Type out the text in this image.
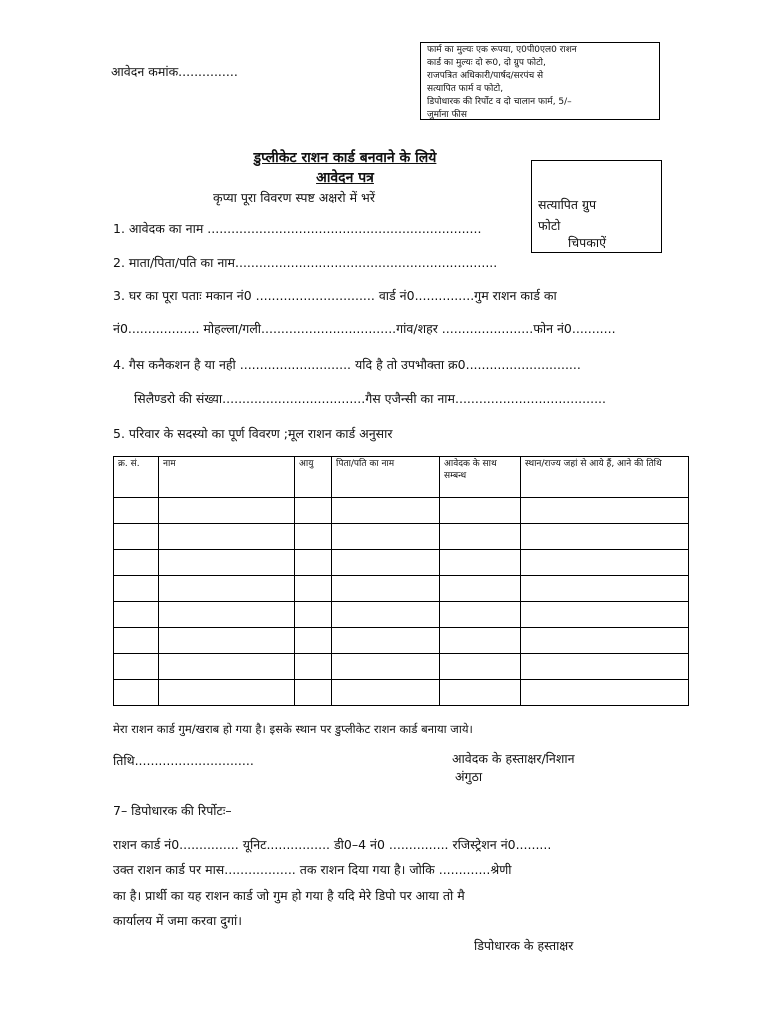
आवेदन कमांक...............
फार्म का मुल्यः एक रूपया, ए0पी0एल0 राशन
कार्ड का मुल्यः दो रू0, दो ग्रुप फोटो,
राजपत्रित अधिकारी/पार्षद/सरपंच से
सत्यापित फार्म व फोटो,
डिपोधारक की रिर्पोट व दो चालान फार्म, 5/–
जुर्माना फीस
डुप्लीकेट राशन कार्ड बनवाने के लिये
आवेदन पत्र
कृप्या पूरा विवरण स्पष्ट अक्षरो में भरें	सत्यापित ग्रुप
फोटो
चिपकाऐं
1. आवेदक का नाम .....................................................................
2. माता/पिता/पति का नाम..................................................................
3. घर का पूरा पताः मकान नं0 .............................. वार्ड नं0...............गुम राशन कार्ड का
नं0.................. मोहल्ला/गली..................................गांव/शहर .......................फोन नं0...........
4. गैस कनैकशन है या नही ............................ यदि है तो उपभौक्ता क्र0.............................
सिलैण्डरो की संख्या....................................गैस एजैन्सी का नाम......................................
5. परिवार के सदस्यो का पूर्ण विवरण ;मूल राशन कार्ड अनुसार
क्र. सं.	नाम	आयु	पिता/पति का नाम	आवेदक के साथ सम्बन्ध	स्थान/राज्य जहां से आये हैं, आने की तिथि

मेरा राशन कार्ड गुम/खराब हो गया है। इसके स्थान पर डुप्लीकेट राशन कार्ड बनाया जाये।
तिथि..............................	आवेदक के हस्ताक्षर/निशान
अंगुठा
7– डिपोधारक की रिर्पोटः–
राशन कार्ड नं0............... यूनिट................ डी0–4 नं0 ............... रजिस्ट्रेशन नं0.........
उक्त राशन कार्ड पर मास.................. तक राशन दिया गया है। जोकि .............श्रेणी
का है। प्रार्थी का यह राशन कार्ड जो गुम हो गया है यदि मेरे डिपो पर आया तो मै
कार्यालय में जमा करवा दुगां।
डिपोधारक के हस्ताक्षर
